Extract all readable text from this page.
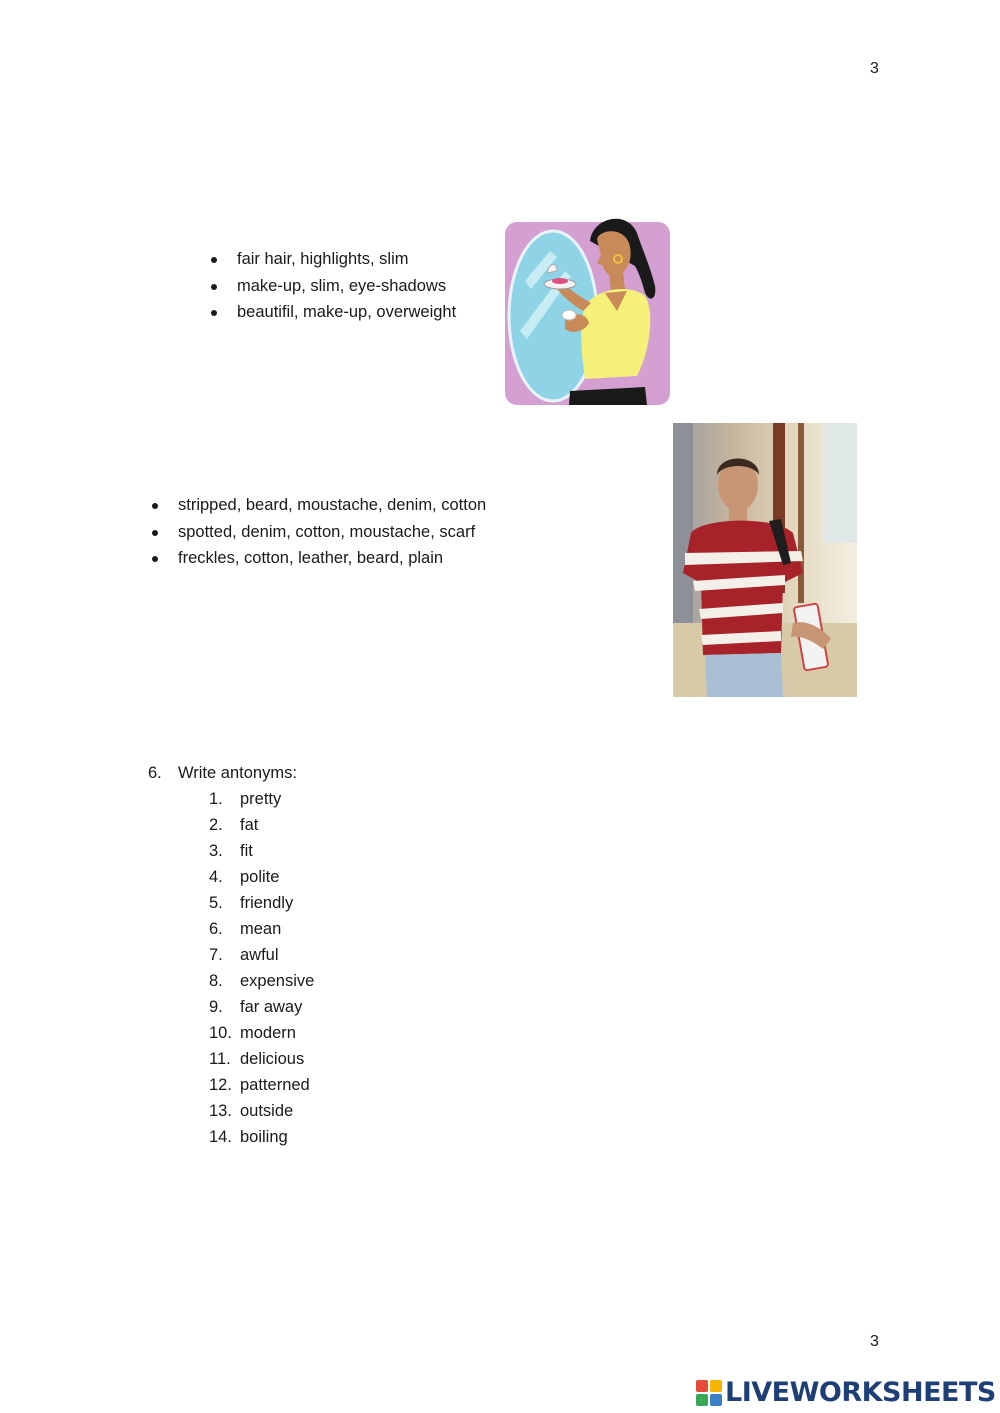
3
fair hair, highlights, slim
make-up, slim, eye-shadows
beautifil, make-up, overweight
stripped, beard, moustache, denim, cotton
spotted, denim, cotton, moustache, scarf
freckles, cotton, leather, beard, plain
6. Write antonyms:
1.	pretty
2.	fat
3.	fit
4.	polite
5.	friendly
6.	mean
7.	awful
8.	expensive
9.	far away
10. modern
11. delicious
12. patterned
13. outside
14. boiling
3
LIVEWORKSHEETS
